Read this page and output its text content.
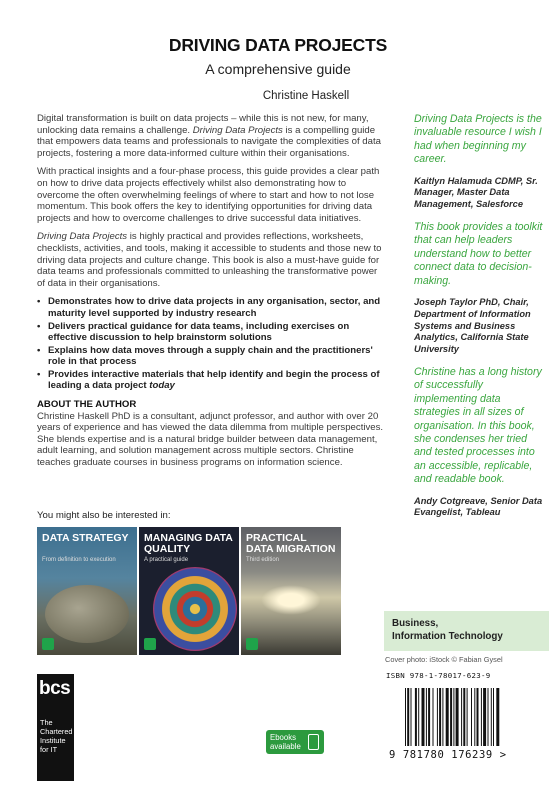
DRIVING DATA PROJECTS
A comprehensive guide
Christine Haskell

Digital transformation is built on data projects – while this is not new, for many, unlocking data remains a challenge. Driving Data Projects is a compelling guide that empowers data teams and professionals to navigate the complexities of data projects, fostering a more data-informed culture within their organisations.

With practical insights and a four-phase process, this guide provides a clear path on how to drive data projects effectively whilst also demonstrating how to overcome the often overwhelming feelings of where to start and how to not lose momentum. This book offers the key to identifying opportunities for driving data projects and how to overcome challenges to drive successful data initiatives.

Driving Data Projects is highly practical and provides reflections, worksheets, checklists, activities, and tools, making it accessible to students and those new to driving data projects and culture change. This book is also a must-have guide for data teams and professionals committed to unleashing the transformative power of data in their organisations.

• Demonstrates how to drive data projects in any organisation, sector, and maturity level supported by industry research
• Delivers practical guidance for data teams, including exercises on effective discussion to help brainstorm solutions
• Explains how data moves through a supply chain and the practitioners' role in that process
• Provides interactive materials that help identify and begin the process of leading a data project today
ABOUT THE AUTHOR
Christine Haskell PhD is a consultant, adjunct professor, and author with over 20 years of experience and has viewed the data dilemma from multiple perspectives. She blends expertise and is a natural bridge builder between data management, adult learning, and solution management across multiple sectors. Christine teaches graduate courses in business programs on information science.
You might also be interested in:
DATA STRATEGY
From definition to execution
MANAGING DATA QUALITY
A practical guide
PRACTICAL DATA MIGRATION
Third edition
Driving Data Projects is the invaluable resource I wish I had when beginning my career.
Kaitlyn Halamuda CDMP, Sr. Manager, Master Data Management, Salesforce
This book provides a toolkit that can help leaders understand how to better connect data to decision-making.
Joseph Taylor PhD, Chair, Department of Information Systems and Business Analytics, California State University
Christine has a long history of successfully implementing data strategies in all sizes of organisation. In this book, she condenses her tried and tested processes into an accessible, replicable, and readable book.
Andy Cotgreave, Senior Data Evangelist, Tableau
Business,
Information Technology
Cover photo: iStock © Fabian Gysel
ISBN 978-1-78017-623-9
9 781780 176239 >
bcs
The
Chartered
Institute
for IT
Ebooks
available
